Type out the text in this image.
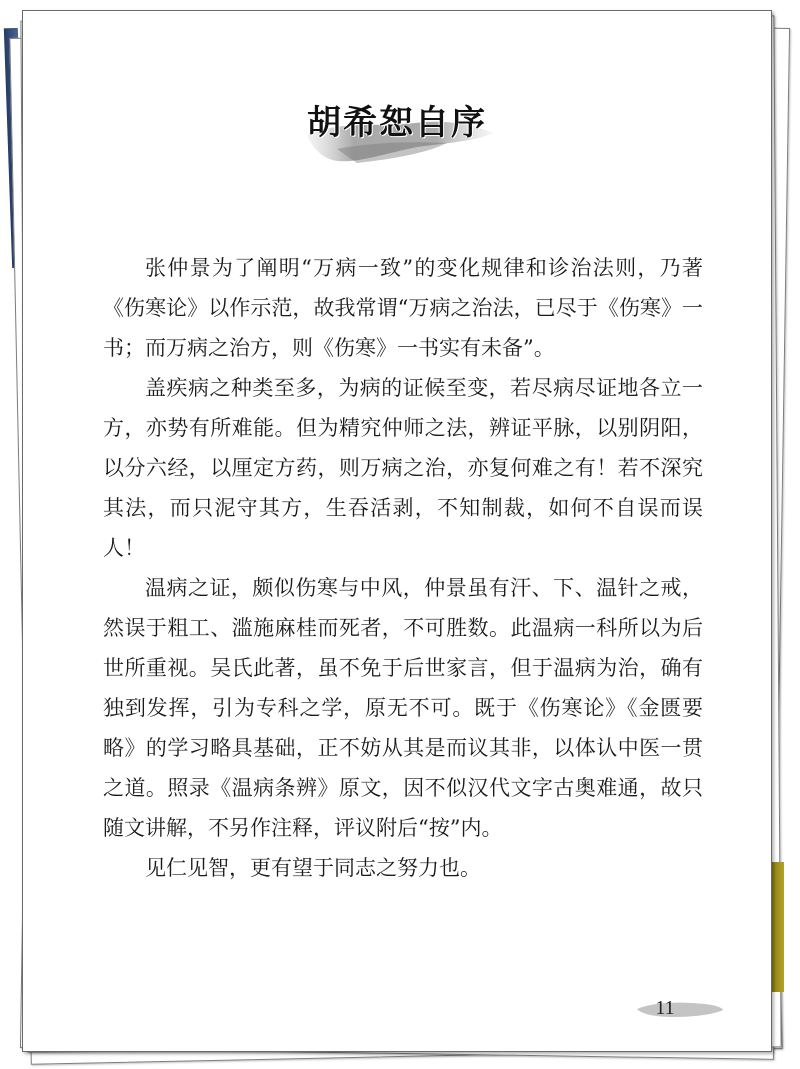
胡希恕自序

张仲景为了阐明“万病一致”的变化规律和诊治法则，乃著《伤寒论》以作示范，故我常谓“万病之治法，已尽于《伤寒》一书；而万病之治方，则《伤寒》一书实有未备”。

盖疾病之种类至多，为病的证候至变，若尽病尽证地各立一方，亦势有所难能。但为精究仲师之法，辨证平脉，以别阴阳，以分六经，以厘定方药，则万病之治，亦复何难之有！若不深究其法，而只泥守其方，生吞活剥，不知制裁，如何不自误而误人！

温病之证，颇似伤寒与中风，仲景虽有汗、下、温针之戒，然误于粗工、滥施麻桂而死者，不可胜数。此温病一科所以为后世所重视。吴氏此著，虽不免于后世家言，但于温病为治，确有独到发挥，引为专科之学，原无不可。既于《伤寒论》《金匮要略》的学习略具基础，正不妨从其是而议其非，以体认中医一贯之道。照录《温病条辨》原文，因不似汉代文字古奥难通，故只随文讲解，不另作注释，评议附后“按”内。

见仁见智，更有望于同志之努力也。

11
